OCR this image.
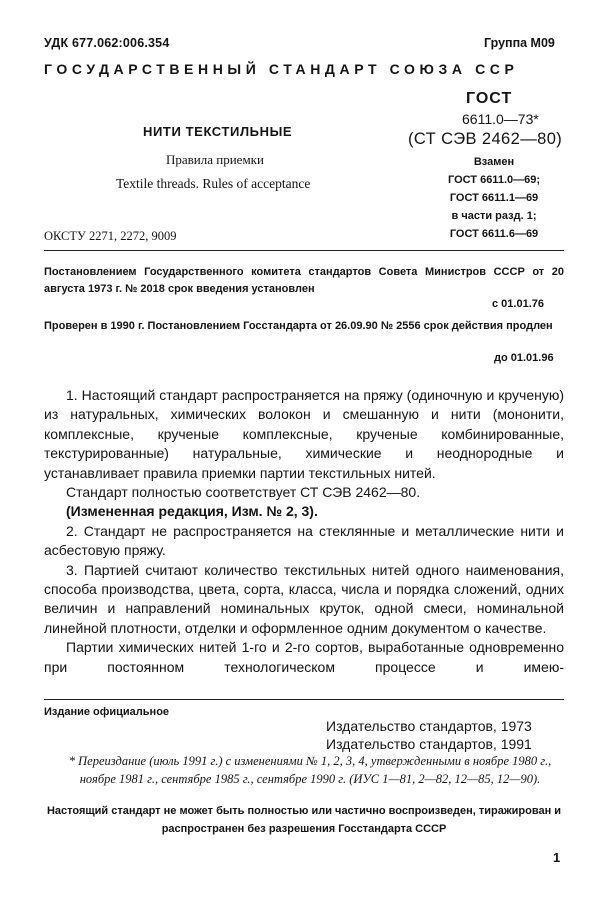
УДК 677.062:006.354	Группа М09
ГОСУДАРСТВЕННЫЙ СТАНДАРТ СОЮЗА ССР
ГОСТ
6611.0—73*
(СТ СЭВ 2462—80)
НИТИ ТЕКСТИЛЬНЫЕ
Правила приемки
Textile threads. Rules of acceptance
Взамен
ГОСТ 6611.0—69;
ГОСТ 6611.1—69
в части разд. 1;
ГОСТ 6611.6—69
ОКСТУ 2271, 2272, 9009
Постановлением Государственного комитета стандартов Совета Министров СССР от 20 августа 1973 г. № 2018 срок введения установлен
с 01.01.76
Проверен в 1990 г. Постановлением Госстандарта от 26.09.90 № 2556 срок действия продлен
до 01.01.96

1. Настоящий стандарт распространяется на пряжу (одиночную и крученую) из натуральных, химических волокон и смешанную и нити (мононити, комплексные, крученые комплексные, крученые комбинированные, текстурированные) натуральные, химические и неоднородные и устанавливает правила приемки партии текстильных нитей.

Стандарт полностью соответствует СТ СЭВ 2462—80.

(Измененная редакция, Изм. № 2, 3).

2. Стандарт не распространяется на стеклянные и металлические нити и асбестовую пряжу.

3. Партией считают количество текстильных нитей одного наименования, способа производства, цвета, сорта, класса, числа и порядка сложений, одних величин и направлений номинальных круток, одной смеси, номинальной линейной плотности, отделки и оформленное одним документом о качестве.

Партии химических нитей 1-го и 2-го сортов, выработанные одновременно при постоянном технологическом процессе и имею-

Издание официальное
Издательство стандартов, 1973
Издательство стандартов, 1991
* Переиздание (июль 1991 г.) с изменениями № 1, 2, 3, 4, утвержденными в ноябре 1980 г., ноябре 1981 г., сентябре 1985 г., сентябре 1990 г. (ИУС 1—81, 2—82, 12—85, 12—90).
Настоящий стандарт не может быть полностью или частично воспроизведен, тиражирован и распространен без разрешения Госстандарта СССР
1
